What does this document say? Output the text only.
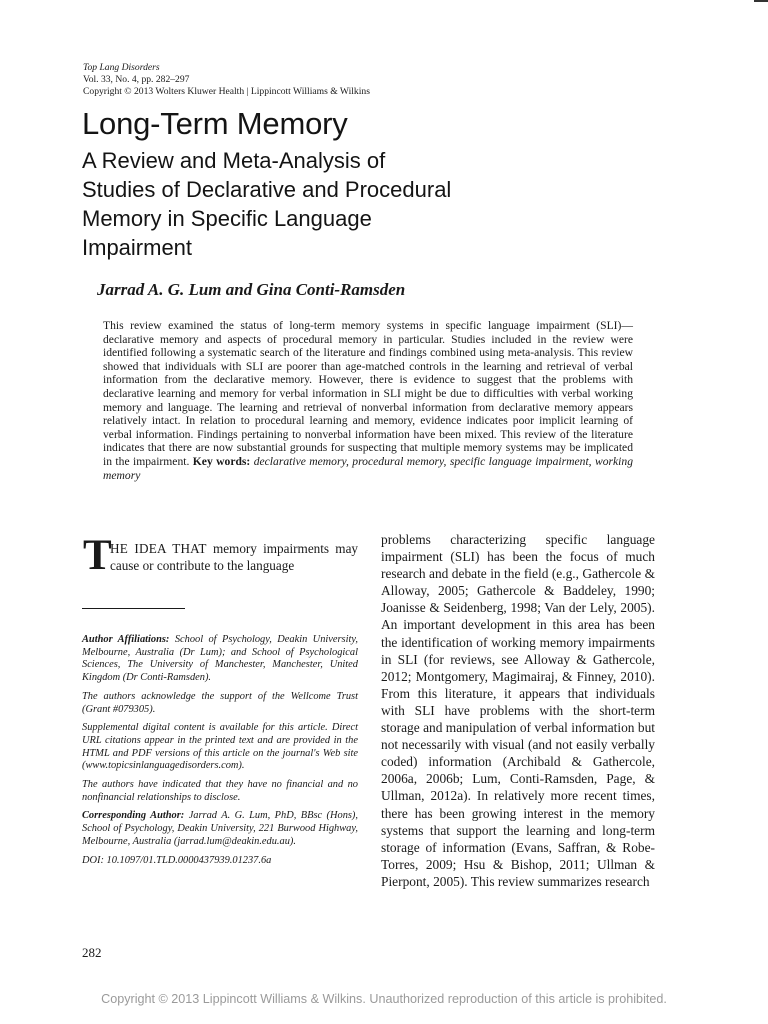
Top Lang Disorders
Vol. 33, No. 4, pp. 282–297
Copyright © 2013 Wolters Kluwer Health | Lippincott Williams & Wilkins
Long-Term Memory
A Review and Meta-Analysis of Studies of Declarative and Procedural Memory in Specific Language Impairment
Jarrad A. G. Lum and Gina Conti-Ramsden
This review examined the status of long-term memory systems in specific language impairment (SLI)—declarative memory and aspects of procedural memory in particular. Studies included in the review were identified following a systematic search of the literature and findings combined using meta-analysis. This review showed that individuals with SLI are poorer than age-matched controls in the learning and retrieval of verbal information from the declarative memory. However, there is evidence to suggest that the problems with declarative learning and memory for verbal information in SLI might be due to difficulties with verbal working memory and language. The learning and retrieval of nonverbal information from declarative memory appears relatively intact. In relation to procedural learning and memory, evidence indicates poor implicit learning of verbal information. Findings pertaining to nonverbal information have been mixed. This review of the literature indicates that there are now substantial grounds for suspecting that multiple memory systems may be implicated in the impairment. Key words: declarative memory, procedural memory, specific language impairment, working memory
T
HE IDEA THAT memory impairments may cause or contribute to the language

Author Affiliations: School of Psychology, Deakin University, Melbourne, Australia (Dr Lum); and School of Psychological Sciences, The University of Manchester, Manchester, United Kingdom (Dr Conti-Ramsden).

The authors acknowledge the support of the Wellcome Trust (Grant #079305).

Supplemental digital content is available for this article. Direct URL citations appear in the printed text and are provided in the HTML and PDF versions of this article on the journal's Web site (www.topicsinlanguagedisorders.com).

The authors have indicated that they have no financial and no nonfinancial relationships to disclose.

Corresponding Author: Jarrad A. G. Lum, PhD, BBsc (Hons), School of Psychology, Deakin University, 221 Burwood Highway, Melbourne, Australia (jarrad.lum@deakin.edu.au).

DOI: 10.1097/01.TLD.0000437939.01237.6a

problems characterizing specific language impairment (SLI) has been the focus of much research and debate in the field (e.g., Gathercole & Alloway, 2005; Gathercole & Baddeley, 1990; Joanisse & Seidenberg, 1998; Van der Lely, 2005). An important development in this area has been the identification of working memory impairments in SLI (for reviews, see Alloway & Gathercole, 2012; Montgomery, Magimairaj, & Finney, 2010). From this literature, it appears that individuals with SLI have problems with the short-term storage and manipulation of verbal information but not necessarily with visual (and not easily verbally coded) information (Archibald & Gathercole, 2006a, 2006b; Lum, Conti-Ramsden, Page, & Ullman, 2012a). In relatively more recent times, there has been growing interest in the memory systems that support the learning and long-term storage of information (Evans, Saffran, & Robe-Torres, 2009; Hsu & Bishop, 2011; Ullman & Pierpont, 2005). This review summarizes research
282
Copyright © 2013 Lippincott Williams & Wilkins. Unauthorized reproduction of this article is prohibited.
